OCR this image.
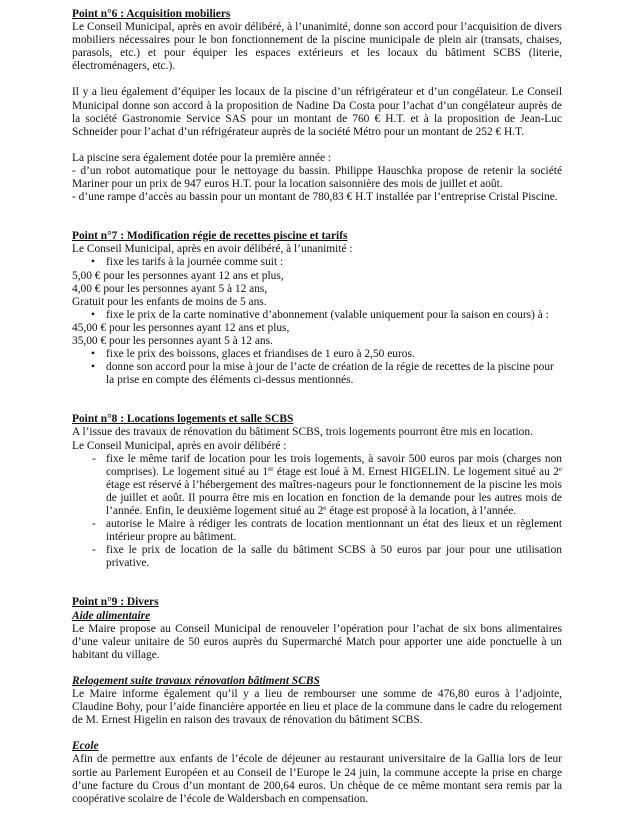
Point n°6 : Acquisition mobiliers

Le Conseil Municipal, après en avoir délibéré, à l’unanimité, donne son accord pour l’acquisition de divers mobiliers nécessaires pour le bon fonctionnement de la piscine municipale de plein air (transats, chaises, parasols, etc.) et pour équiper les espaces extérieurs et les locaux du bâtiment SCBS (literie, électroménagers, etc.).

Il y a lieu également d’équiper les locaux de la piscine d’un réfrigérateur et d’un congélateur. Le Conseil Municipal donne son accord à la proposition de Nadine Da Costa pour l’achat d’un congélateur auprès de la société Gastronomie Service SAS pour un montant de 760 € H.T. et à la proposition de Jean-Luc Schneider pour l’achat d’un réfrigérateur auprès de la société Métro pour un montant de 252 € H.T.

La piscine sera également dotée pour la première année :

- d’un robot automatique pour le nettoyage du bassin. Philippe Hauschka propose de retenir la société Mariner pour un prix de 947 euros H.T. pour la location saisonnière des mois de juillet et août.

- d’une rampe d’accès au bassin pour un montant de 780,83 € H.T installée par l’entreprise Cristal Piscine.

Point n°7 : Modification régie de recettes piscine et tarifs

Le Conseil Municipal, après en avoir délibéré, à l’unanimité :

• fixe les tarifs à la journée comme suit :

5,00 € pour les personnes ayant 12 ans et plus,

4,00 € pour les personnes ayant 5 à 12 ans,

Gratuit pour les enfants de moins de 5 ans.

• fixe le prix de la carte nominative d’abonnement (valable uniquement pour la saison en cours) à :

45,00 € pour les personnes ayant 12 ans et plus,

35,00 € pour les personnes ayant 5 à 12 ans.

• fixe le prix des boissons, glaces et friandises de 1 euro à 2,50 euros.
• donne son accord pour la mise à jour de l’acte de création de la régie de recettes de la piscine pour la prise en compte des éléments ci-dessus mentionnés.

Point n°8 : Locations logements et salle SCBS

A l’issue des travaux de rénovation du bâtiment SCBS, trois logements pourront être mis en location.

Le Conseil Municipal, après en avoir délibéré :

- fixe le même tarif de location pour les trois logements, à savoir 500 euros par mois (charges non comprises). Le logement situé au 1er étage est loué à M. Ernest HIGELIN. Le logement situé au 2e étage est réservé à l’hébergement des maîtres-nageurs pour le fonctionnement de la piscine les mois de juillet et août. Il pourra être mis en location en fonction de la demande pour les autres mois de l’année. Enfin, le deuxième logement situé au 2e étage est proposé à la location, à l’année.
- autorise le Maire à rédiger les contrats de location mentionnant un état des lieux et un règlement intérieur propre au bâtiment.
- fixe le prix de location de la salle du bâtiment SCBS à 50 euros par jour pour une utilisation privative.

Point n°9 : Divers

Aide alimentaire

Le Maire propose au Conseil Municipal de renouveler l’opération pour l’achat de six bons alimentaires d’une valeur unitaire de 50 euros auprès du Supermarché Match pour apporter une aide ponctuelle à un habitant du village.

Relogement suite travaux rénovation bâtiment SCBS

Le Maire informe également qu’il y a lieu de rembourser une somme de 476,80 euros à l’adjointe, Claudine Bohy, pour l’aide financière apportée en lieu et place de la commune dans le cadre du relogement de M. Ernest Higelin en raison des travaux de rénovation du bâtiment SCBS.

Ecole

Afin de permettre aux enfants de l’école de déjeuner au restaurant universitaire de la Gallia lors de leur sortie au Parlement Européen et au Conseil de l’Europe le 24 juin, la commune accepte la prise en charge d’une facture du Crous d’un montant de 200,64 euros. Un chèque de ce même montant sera remis par la coopérative scolaire de l’école de Waldersbach en compensation.
